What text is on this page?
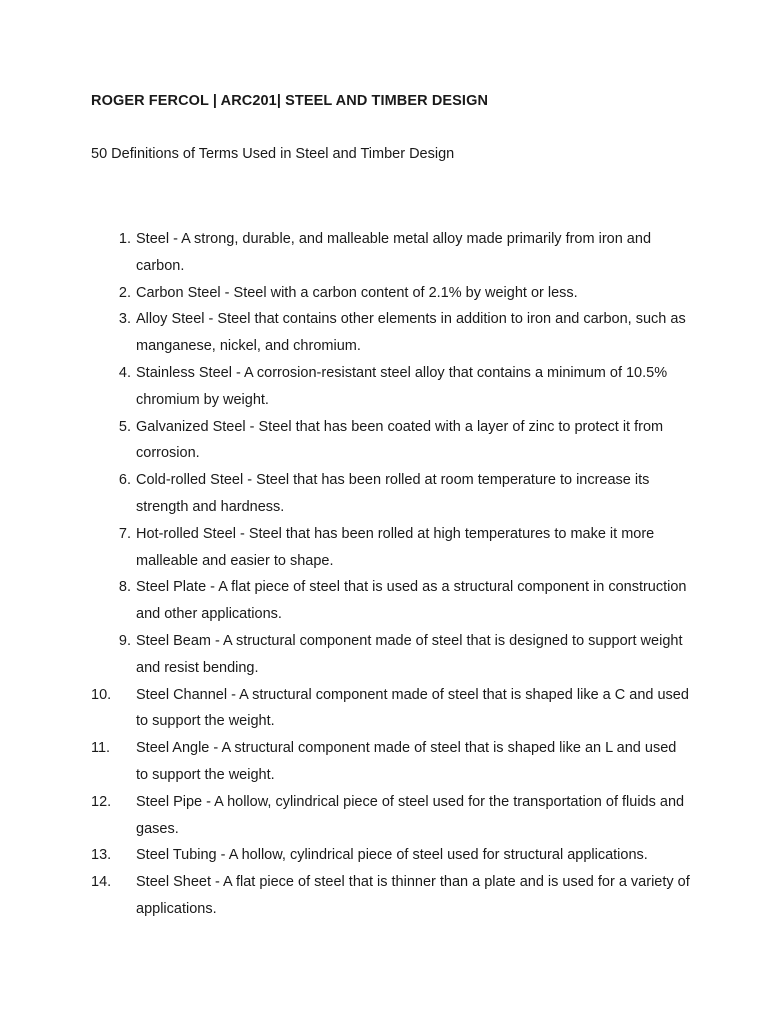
ROGER FERCOL | ARC201| STEEL AND TIMBER DESIGN
50 Definitions of Terms Used in Steel and Timber Design
1. Steel - A strong, durable, and malleable metal alloy made primarily from iron and carbon.
2. Carbon Steel - Steel with a carbon content of 2.1% by weight or less.
3. Alloy Steel - Steel that contains other elements in addition to iron and carbon, such as manganese, nickel, and chromium.
4. Stainless Steel - A corrosion-resistant steel alloy that contains a minimum of 10.5% chromium by weight.
5. Galvanized Steel - Steel that has been coated with a layer of zinc to protect it from corrosion.
6. Cold-rolled Steel - Steel that has been rolled at room temperature to increase its strength and hardness.
7. Hot-rolled Steel - Steel that has been rolled at high temperatures to make it more malleable and easier to shape.
8. Steel Plate - A flat piece of steel that is used as a structural component in construction and other applications.
9. Steel Beam - A structural component made of steel that is designed to support weight and resist bending.
10.	Steel Channel - A structural component made of steel that is shaped like a C and used to support the weight.
11.	Steel Angle - A structural component made of steel that is shaped like an L and used to support the weight.
12.	Steel Pipe - A hollow, cylindrical piece of steel used for the transportation of fluids and gases.
13.	Steel Tubing - A hollow, cylindrical piece of steel used for structural applications.
14.	Steel Sheet - A flat piece of steel that is thinner than a plate and is used for a variety of applications.
